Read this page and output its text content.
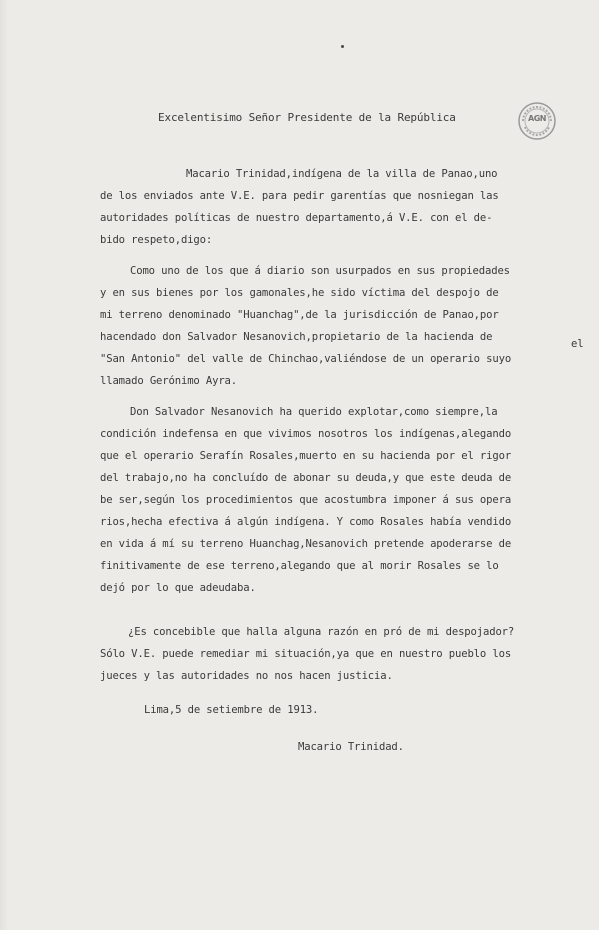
Excelentisimo Señor Presidente de la República	AGN
Macario Trinidad,indígena de la villa de Panao,uno
de los enviados ante V.E. para pedir garentías que nosniegan las
autoridades políticas de nuestro departamento,á V.E. con el de-
bido respeto,digo:
Como uno de los que á diario son usurpados en sus propiedades
y en sus bienes por los gamonales,he sido víctima del despojo de
mi terreno denominado "Huanchag",de la jurisdicción de Panao,por
hacendado don Salvador Nesanovich,propietario de la hacienda de
"San Antonio" del valle de Chinchao,valiéndose de un operario suyo
llamado Gerónimo Ayra.
el
Don Salvador Nesanovich ha querido explotar,como siempre,la
condición indefensa en que vivimos nosotros los indígenas,alegando
que el operario Serafín Rosales,muerto en su hacienda por el rigor
del trabajo,no ha concluído de abonar su deuda,y que este deuda de
be ser,según los procedimientos que acostumbra imponer á sus opera
rios,hecha efectiva á algún indígena. Y como Rosales había vendido
en vida á mí su terreno Huanchag,Nesanovich pretende apoderarse de
finitivamente de ese terreno,alegando que al morir Rosales se lo
dejó por lo que adeudaba.
¿Es concebible que halla alguna razón en pró de mi despojador?
Sólo V.E. puede remediar mi situación,ya que en nuestro pueblo los
jueces y las autoridades no nos hacen justicia.
Lima,5 de setiembre de 1913.
Macario Trinidad.
